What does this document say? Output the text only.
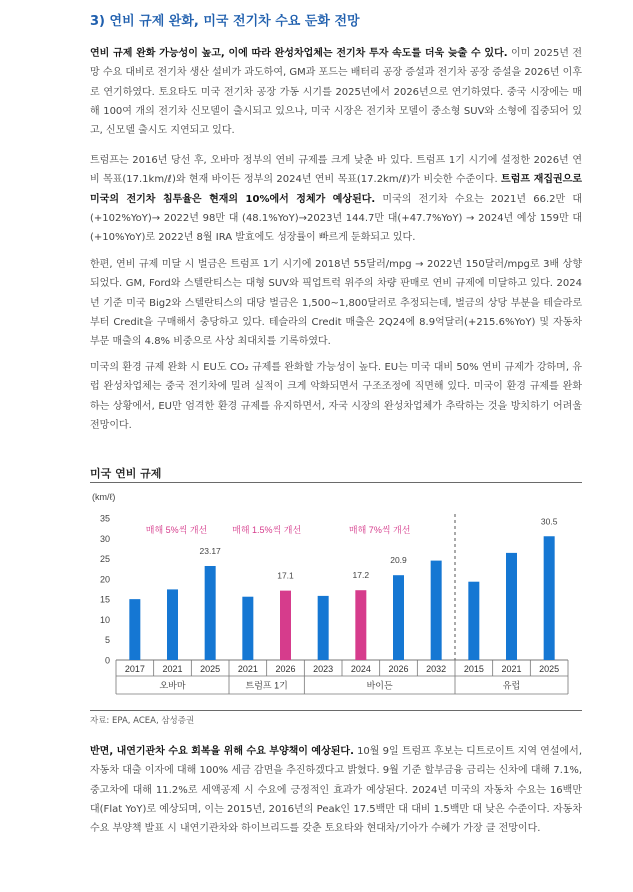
3) 연비 규제 완화, 미국 전기차 수요 둔화 전망

연비 규제 완화 가능성이 높고, 이에 따라 완성차업체는 전기차 투자 속도를 더욱 늦출 수 있다. 이미 2025년 전망 수요 대비로 전기차 생산 설비가 과도하여, GM과 포드는 배터리 공장 증설과 전기차 공장 증설을 2026년 이후로 연기하였다. 토요타도 미국 전기차 공장 가동 시기를 2025년에서 2026년으로 연기하였다. 중국 시장에는 매 해 100여 개의 전기차 신모델이 출시되고 있으나, 미국 시장은 전기차 모델이 중소형 SUV와 소형에 집중되어 있고, 신모델 출시도 지연되고 있다.

트럼프는 2016년 당선 후, 오바마 정부의 연비 규제를 크게 낮춘 바 있다. 트럼프 1기 시기에 설정한 2026년 연비 목표(17.1km/ℓ)와 현재 바이든 정부의 2024년 연비 목표(17.2km/ℓ)가 비슷한 수준이다. 트럼프 재집권으로 미국의 전기차 침투율은 현재의 10%에서 정체가 예상된다. 미국의 전기차 수요는 2021년 66.2만 대 (+102%YoY)→ 2022년 98만 대 (48.1%YoY)→2023년 144.7만 대(+47.7%YoY) → 2024년 예상 159만 대(+10%YoY)로 2022년 8월 IRA 발효에도 성장률이 빠르게 둔화되고 있다.

한편, 연비 규제 미달 시 벌금은 트럼프 1기 시기에 2018년 55달러/mpg → 2022년 150달러/mpg로 3배 상향되었다. GM, Ford와 스텔란티스는 대형 SUV와 픽업트럭 위주의 차량 판매로 연비 규제에 미달하고 있다. 2024년 기준 미국 Big2와 스텔란티스의 대당 벌금은 1,500~1,800달러로 추정되는데, 벌금의 상당 부분을 테슬라로부터 Credit을 구매해서 충당하고 있다. 테슬라의 Credit 매출은 2Q24에 8.9억달러(+215.6%YoY) 및 자동차 부문 매출의 4.8% 비중으로 사상 최대치를 기록하였다.

미국의 환경 규제 완화 시 EU도 CO₂ 규제를 완화할 가능성이 높다. EU는 미국 대비 50% 연비 규제가 강하며, 유럽 완성차업체는 중국 전기차에 밀려 실적이 크게 악화되면서 구조조정에 직면해 있다. 미국이 환경 규제를 완화하는 상황에서, EU만 엄격한 환경 규제를 유지하면서, 자국 시장의 완성차업체가 추락하는 것을 방치하기 어려울 전망이다.

미국 연비 규제

(km/ℓ)
0
5
10
15
20
25
30
35
2017 2021
23.17
2025
오바마
2021
17.1
2026
트럼프 1기
2023
17.2
2024
20.9
2026 2032
바이든
2015 2021
30.5
2025
유럽
매해 5%씩 개선	매해 1.5%씩 개선	매해 7%씩 개선

자료: EPA, ACEA, 삼성증권

반면, 내연기관차 수요 회복을 위해 수요 부양책이 예상된다. 10월 9일 트럼프 후보는 디트로이트 지역 연설에서, 자동차 대출 이자에 대해 100% 세금 감면을 추진하겠다고 밝혔다. 9월 기준 할부금융 금리는 신차에 대해 7.1%, 중고차에 대해 11.2%로 세액공제 시 수요에 긍정적인 효과가 예상된다. 2024년 미국의 자동차 수요는 16백만 대(Flat YoY)로 예상되며, 이는 2015년, 2016년의 Peak인 17.5백만 대 대비 1.5백만 대 낮은 수준이다. 자동차 수요 부양책 발표 시 내연기관차와 하이브리드를 갖춘 토요타와 현대차/기아가 수혜가 가장 클 전망이다.
